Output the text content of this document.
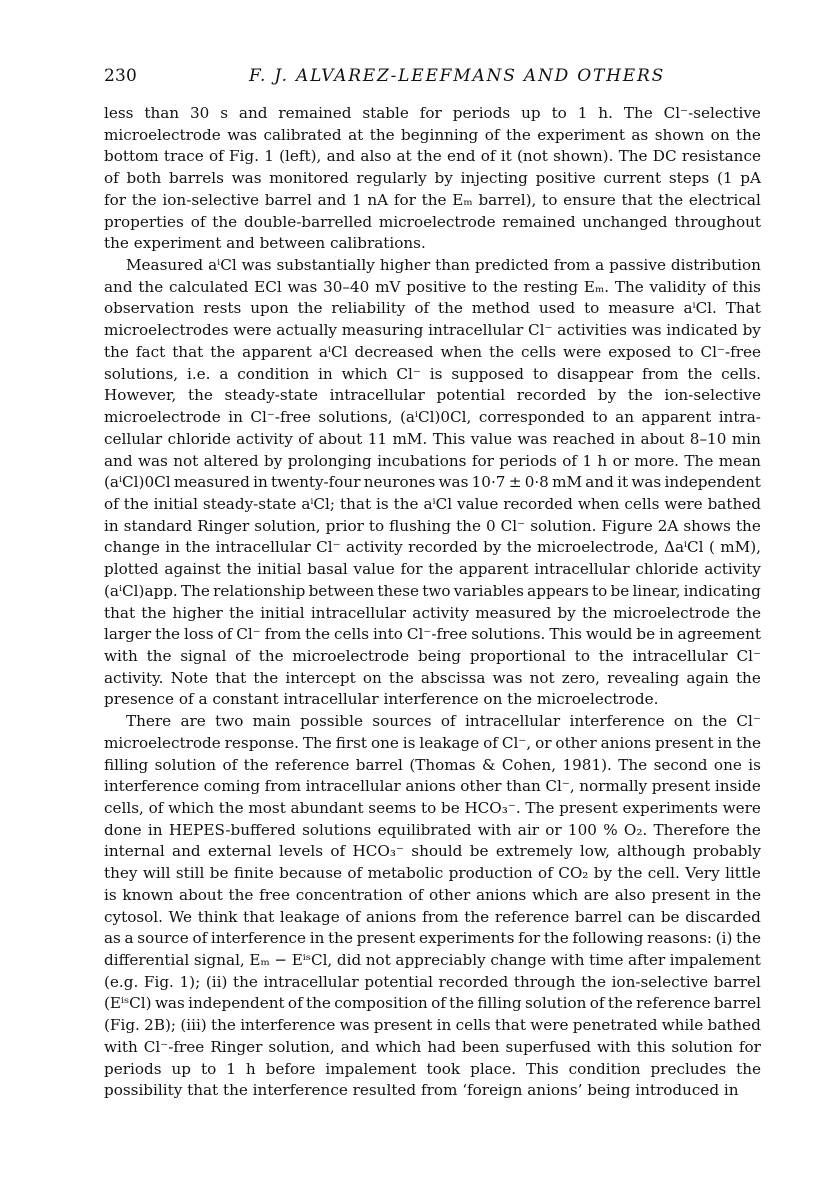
230	F. J. ALVAREZ-LEEFMANS AND OTHERS
less than 30 s and remained stable for periods up to 1 h. The Cl⁻-selective
microelectrode was calibrated at the beginning of the experiment as shown on the
bottom trace of Fig. 1 (left), and also at the end of it (not shown). The DC resistance
of both barrels was monitored regularly by injecting positive current steps (1 pA
for the ion-selective barrel and 1 nA for the Eₘ barrel), to ensure that the electrical
properties of the double-barrelled microelectrode remained unchanged throughout
the experiment and between calibrations.
Measured aⁱCl was substantially higher than predicted from a passive distribution
and the calculated ECl was 30–40 mV positive to the resting Eₘ. The validity of this
observation rests upon the reliability of the method used to measure aⁱCl. That
microelectrodes were actually measuring intracellular Cl⁻ activities was indicated by
the fact that the apparent aⁱCl decreased when the cells were exposed to Cl⁻-free
solutions, i.e. a condition in which Cl⁻ is supposed to disappear from the cells.
However, the steady-state intracellular potential recorded by the ion-selective
microelectrode in Cl⁻-free solutions, (aⁱCl)0Cl, corresponded to an apparent intra-
cellular chloride activity of about 11 mM. This value was reached in about 8–10 min
and was not altered by prolonging incubations for periods of 1 h or more. The mean
(aⁱCl)0Cl measured in twenty-four neurones was 10·7 ± 0·8 mM and it was independent
of the initial steady-state aⁱCl; that is the aⁱCl value recorded when cells were bathed
in standard Ringer solution, prior to flushing the 0 Cl⁻ solution. Figure 2A shows the
change in the intracellular Cl⁻ activity recorded by the microelectrode, ΔaⁱCl ( mM),
plotted against the initial basal value for the apparent intracellular chloride activity
(aⁱCl)app. The relationship between these two variables appears to be linear, indicating
that the higher the initial intracellular activity measured by the microelectrode the
larger the loss of Cl⁻ from the cells into Cl⁻-free solutions. This would be in agreement
with the signal of the microelectrode being proportional to the intracellular Cl⁻
activity. Note that the intercept on the abscissa was not zero, revealing again the
presence of a constant intracellular interference on the microelectrode.
There are two main possible sources of intracellular interference on the Cl⁻
microelectrode response. The first one is leakage of Cl⁻, or other anions present in the
filling solution of the reference barrel (Thomas & Cohen, 1981). The second one is
interference coming from intracellular anions other than Cl⁻, normally present inside
cells, of which the most abundant seems to be HCO₃⁻. The present experiments were
done in HEPES-buffered solutions equilibrated with air or 100 % O₂. Therefore the
internal and external levels of HCO₃⁻ should be extremely low, although probably
they will still be finite because of metabolic production of CO₂ by the cell. Very little
is known about the free concentration of other anions which are also present in the
cytosol. We think that leakage of anions from the reference barrel can be discarded
as a source of interference in the present experiments for the following reasons: (i) the
differential signal, Eₘ − EⁱˢCl, did not appreciably change with time after impalement
(e.g. Fig. 1); (ii) the intracellular potential recorded through the ion-selective barrel
(EⁱˢCl) was independent of the composition of the filling solution of the reference barrel
(Fig. 2B); (iii) the interference was present in cells that were penetrated while bathed
with Cl⁻-free Ringer solution, and which had been superfused with this solution for
periods up to 1 h before impalement took place. This condition precludes the
possibility that the interference resulted from ‘foreign anions’ being introduced in
